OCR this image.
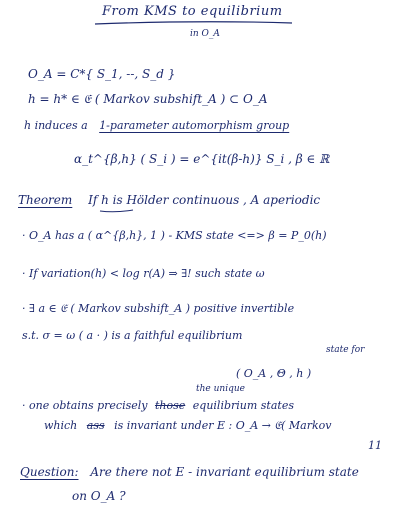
From KMS to equilibrium
in O_A
O_A = C*{ S_1, --, S_d }
h = h* ∈ 𝔈 ( Markov subshift_A ) ⊂ O_A
h induces a 1-parameter automorphism group
α_t^{β,h} ( S_i ) = e^{it(β-h)} S_i , β ∈ ℝ
Theorem If h is Hölder continuous , A aperiodic
· O_A has a ( α^{β,h}, 1 ) - KMS state <=> β = P_0(h)
· If variation(h) < log r(A) ⇒ ∃! such state ω
· ∃ a ∈ 𝔈 ( Markov subshift_A ) positive invertible
s.t. σ = ω ( a · ) is a faithful equilibrium
state for
( O_A , Θ , h )
the unique
· one obtains precisely those equilibrium states
which ass is invariant under E : O_A → 𝔈( Markov
11
Question: Are there not E - invariant equilibrium state
on O_A ?
